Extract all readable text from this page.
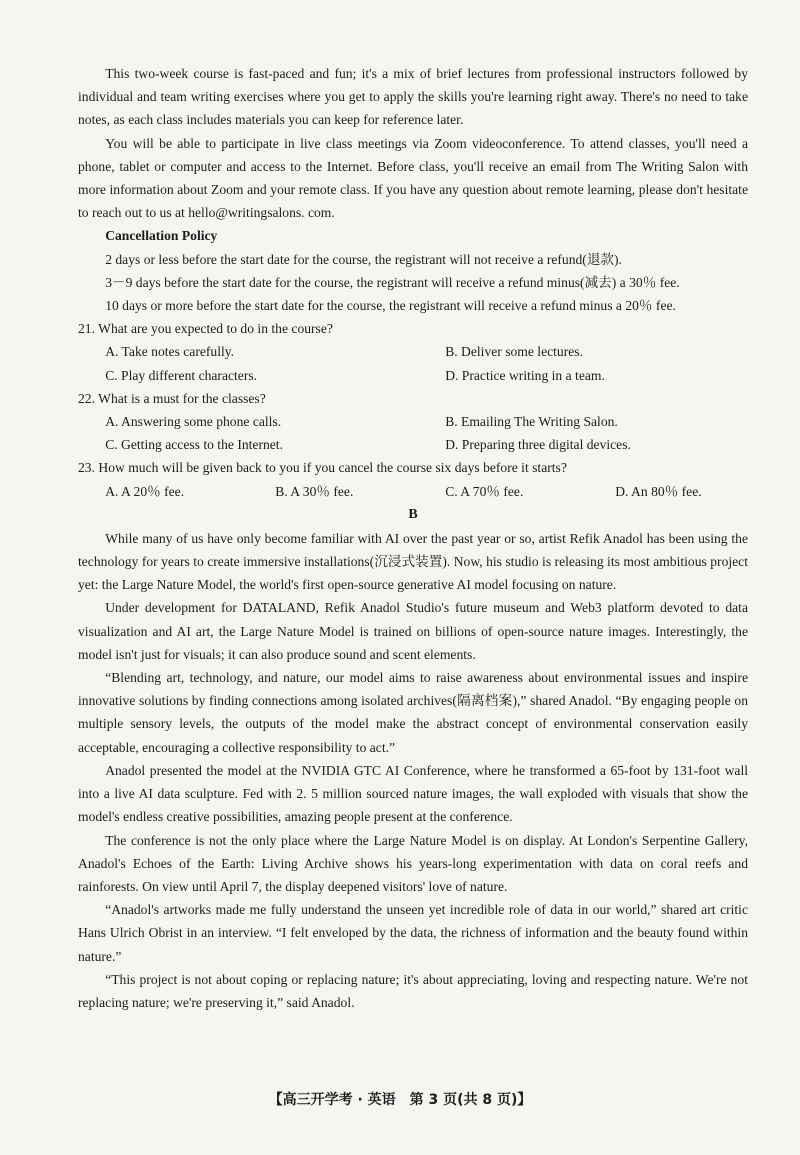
This two-week course is fast-paced and fun; it's a mix of brief lectures from professional instructors followed by individual and team writing exercises where you get to apply the skills you're learning right away. There's no need to take notes, as each class includes materials you can keep for reference later.

You will be able to participate in live class meetings via Zoom videoconference. To attend classes, you'll need a phone, tablet or computer and access to the Internet. Before class, you'll receive an email from The Writing Salon with more information about Zoom and your remote class. If you have any question about remote learning, please don't hesitate to reach out to us at hello@writingsalons. com.

Cancellation Policy

2 days or less before the start date for the course, the registrant will not receive a refund(退款).

3－9 days before the start date for the course, the registrant will receive a refund minus(减去) a 30％ fee.

10 days or more before the start date for the course, the registrant will receive a refund minus a 20％ fee.

21. What are you expected to do in the course?
A. Take notes carefully.	B. Deliver some lectures.
C. Play different characters.	D. Practice writing in a team.
22. What is a must for the classes?
A. Answering some phone calls.	B. Emailing The Writing Salon.
C. Getting access to the Internet.	D. Preparing three digital devices.
23. How much will be given back to you if you cancel the course six days before it starts?
A. A 20％ fee.	B. A 30％ fee.	C. A 70％ fee.	D. An 80％ fee.
B

While many of us have only become familiar with AI over the past year or so, artist Refik Anadol has been using the technology for years to create immersive installations(沉浸式装置). Now, his studio is releasing its most ambitious project yet: the Large Nature Model, the world's first open-source generative AI model focusing on nature.

Under development for DATALAND, Refik Anadol Studio's future museum and Web3 platform devoted to data visualization and AI art, the Large Nature Model is trained on billions of open-source nature images. Interestingly, the model isn't just for visuals; it can also produce sound and scent elements.

“Blending art, technology, and nature, our model aims to raise awareness about environmental issues and inspire innovative solutions by finding connections among isolated archives(隔离档案),” shared Anadol. “By engaging people on multiple sensory levels, the outputs of the model make the abstract concept of environmental conservation easily acceptable, encouraging a collective responsibility to act.”

Anadol presented the model at the NVIDIA GTC AI Conference, where he transformed a 65-foot by 131-foot wall into a live AI data sculpture. Fed with 2. 5 million sourced nature images, the wall exploded with visuals that show the model's endless creative possibilities, amazing people present at the conference.

The conference is not the only place where the Large Nature Model is on display. At London's Serpentine Gallery, Anadol's Echoes of the Earth: Living Archive shows his years-long experimentation with data on coral reefs and rainforests. On view until April 7, the display deepened visitors' love of nature.

“Anadol's artworks made me fully understand the unseen yet incredible role of data in our world,” shared art critic Hans Ulrich Obrist in an interview. “I felt enveloped by the data, the richness of information and the beauty found within nature.”

“This project is not about coping or replacing nature; it's about appreciating, loving and respecting nature. We're not replacing nature; we're preserving it,” said Anadol.

【高三开学考 · 英语　第 3 页(共 8 页)】
